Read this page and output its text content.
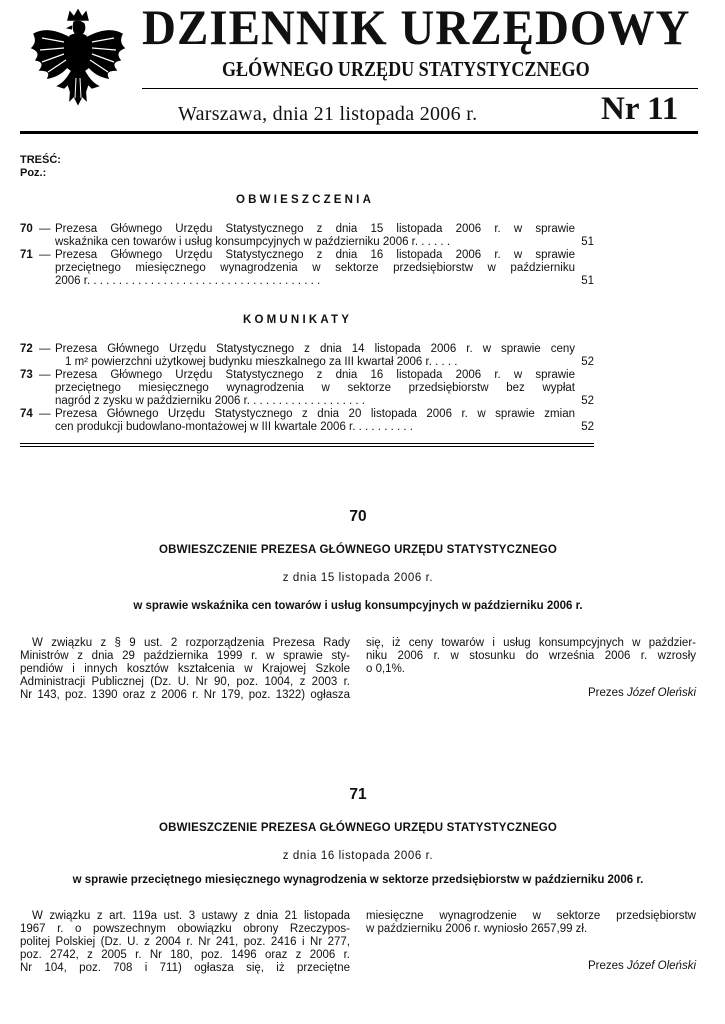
DZIENNIK URZĘDOWY
GŁÓWNEGO URZĘDU STATYSTYCZNEGO
Warszawa, dnia 21 listopada 2006 r.	Nr 11
TREŚĆ:
Poz.:
OBWIESZCZENIA
70 — Prezesa Głównego Urzędu Statystycznego z dnia 15 listopada 2006 r. w sprawie
wskaźnika cen towarów i usług konsumpcyjnych w październiku 2006 r. . . . . .	51
71 — Prezesa Głównego Urzędu Statystycznego z dnia 16 listopada 2006 r. w sprawie
przeciętnego miesięcznego wynagrodzenia w sektorze przedsiębiorstw w październiku
2006 r. . . . . . . . . . . . . . . . . . . . . . . . . . . . . . . . . . . . .	51
KOMUNIKATY
72 — Prezesa Głównego Urzędu Statystycznego z dnia 14 listopada 2006 r. w sprawie ceny
1 m² powierzchni użytkowej budynku mieszkalnego za III kwartał 2006 r. . . . .	52
73 — Prezesa Głównego Urzędu Statystycznego z dnia 16 listopada 2006 r. w sprawie
przeciętnego miesięcznego wynagrodzenia w sektorze przedsiębiorstw bez wypłat
nagród z zysku w październiku 2006 r. . . . . . . . . . . . . . . . . . .	52
74 — Prezesa Głównego Urzędu Statystycznego z dnia 20 listopada 2006 r. w sprawie zmian
cen produkcji budowlano-montażowej w III kwartale 2006 r. . . . . . . . . .	52
70
OBWIESZCZENIE PREZESA GŁÓWNEGO URZĘDU STATYSTYCZNEGO
z dnia 15 listopada 2006 r.
w sprawie wskaźnika cen towarów i usług konsumpcyjnych w październiku 2006 r.
W związku z § 9 ust. 2 rozporządzenia Prezesa Rady
Ministrów z dnia 29 października 1999 r. w sprawie sty-
pendiów i innych kosztów kształcenia w Krajowej Szkole
Administracji Publicznej (Dz. U. Nr 90, poz. 1004, z 2003 r.
Nr 143, poz. 1390 oraz z 2006 r. Nr 179, poz. 1322) ogłasza
się, iż ceny towarów i usług konsumpcyjnych w paździer-
niku 2006 r. w stosunku do września 2006 r. wzrosły
o 0,1%.
Prezes Józef Oleński
71
OBWIESZCZENIE PREZESA GŁÓWNEGO URZĘDU STATYSTYCZNEGO
z dnia 16 listopada 2006 r.
w sprawie przeciętnego miesięcznego wynagrodzenia w sektorze przedsiębiorstw w październiku 2006 r.
W związku z art. 119a ust. 3 ustawy z dnia 21 listopada
1967 r. o powszechnym obowiązku obrony Rzeczypos-
politej Polskiej (Dz. U. z 2004 r. Nr 241, poz. 2416 i Nr 277,
poz. 2742, z 2005 r. Nr 180, poz. 1496 oraz z 2006 r.
Nr 104, poz. 708 i 711) ogłasza się, iż przeciętne
miesięczne wynagrodzenie w sektorze przedsiębiorstw
w październiku 2006 r. wyniosło 2657,99 zł.
Prezes Józef Oleński
